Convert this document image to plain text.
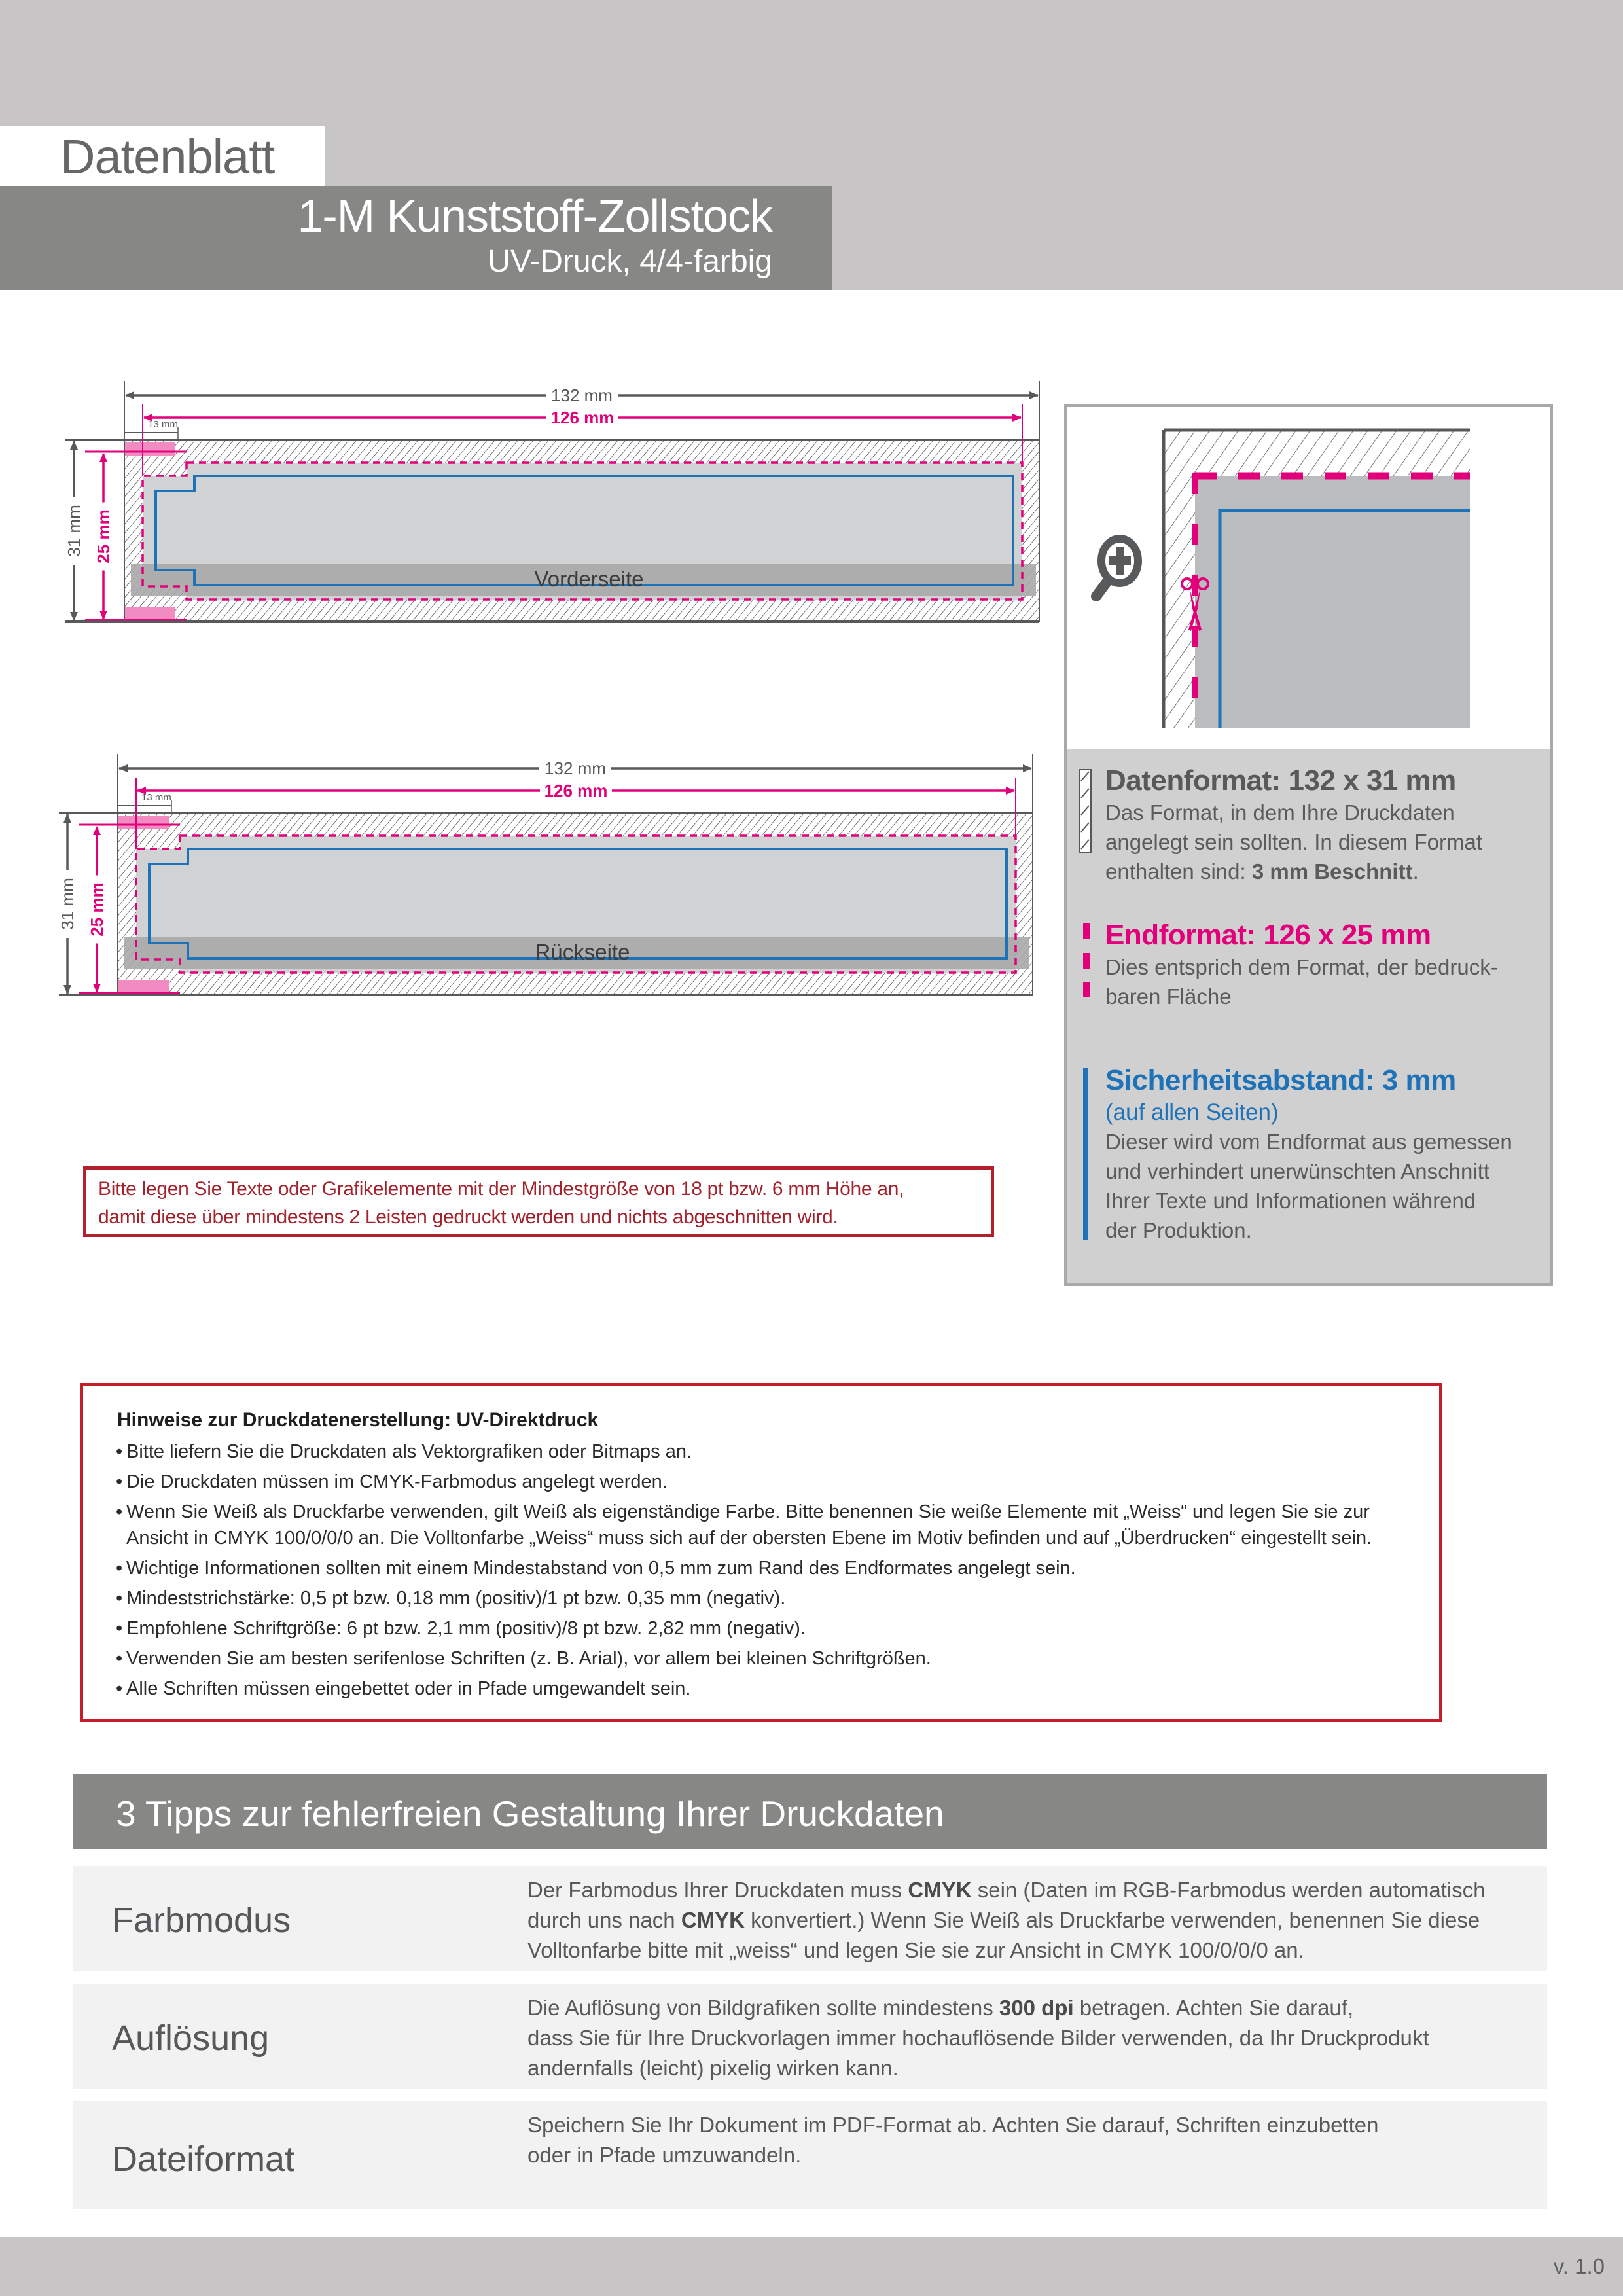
Datenblatt
1-M Kunststoff-Zollstock
UV-Druck, 4/4-farbig
132 mm
126 mm
13 mm
31 mm 25 mm
Vorderseite
132 mm
126 mm
13 mm
31 mm 25 mm
Rückseite
Datenformat: 132 x 31 mm
Das Format, in dem Ihre Druckdaten
angelegt sein sollten. In diesem Format
enthalten sind: 3 mm Beschnitt.
Endformat: 126 x 25 mm
Dies entsprich dem Format, der bedruck-
baren Fläche
Sicherheitsabstand: 3 mm
(auf allen Seiten)
Dieser wird vom Endformat aus gemessen
und verhindert unerwünschten Anschnitt
Ihrer Texte und Informationen während
der Produktion.

Bitte legen Sie Texte oder Grafikelemente mit der Mindestgröße von 18 pt bzw. 6 mm Höhe an,

damit diese über mindestens 2 Leisten gedruckt werden und nichts abgeschnitten wird.

Hinweise zur Druckdatenerstellung: UV-Direktdruck
• Bitte liefern Sie die Druckdaten als Vektorgrafiken oder Bitmaps an.
• Die Druckdaten müssen im CMYK-Farbmodus angelegt werden.
• Wenn Sie Weiß als Druckfarbe verwenden, gilt Weiß als eigenständige Farbe. Bitte benennen Sie weiße Elemente mit „Weiss“ und legen Sie sie zur
Ansicht in CMYK 100/0/0/0 an. Die Volltonfarbe „Weiss“ muss sich auf der obersten Ebene im Motiv befinden und auf „Überdrucken“ eingestellt sein.
• Wichtige Informationen sollten mit einem Mindestabstand von 0,5 mm zum Rand des Endformates angelegt sein.
• Mindeststrichstärke: 0,5 pt bzw. 0,18 mm (positiv)/1 pt bzw. 0,35 mm (negativ).
• Empfohlene Schriftgröße: 6 pt bzw. 2,1 mm (positiv)/8 pt bzw. 2,82 mm (negativ).
• Verwenden Sie am besten serifenlose Schriften (z. B. Arial), vor allem bei kleinen Schriftgrößen.
• Alle Schriften müssen eingebettet oder in Pfade umgewandelt sein.
3 Tipps zur fehlerfreien Gestaltung Ihrer Druckdaten
Farbmodus
Der Farbmodus Ihrer Druckdaten muss CMYK sein (Daten im RGB-Farbmodus werden automatisch
durch uns nach CMYK konvertiert.) Wenn Sie Weiß als Druckfarbe verwenden, benennen Sie diese
Volltonfarbe bitte mit „weiss“ und legen Sie sie zur Ansicht in CMYK 100/0/0/0 an.
Auflösung
Die Auflösung von Bildgrafiken sollte mindestens 300 dpi betragen. Achten Sie darauf,
dass Sie für Ihre Druckvorlagen immer hochauflösende Bilder verwenden, da Ihr Druckprodukt
andernfalls (leicht) pixelig wirken kann.
Dateiformat
Speichern Sie Ihr Dokument im PDF-Format ab. Achten Sie darauf, Schriften einzubetten
oder in Pfade umzuwandeln.
v. 1.0
